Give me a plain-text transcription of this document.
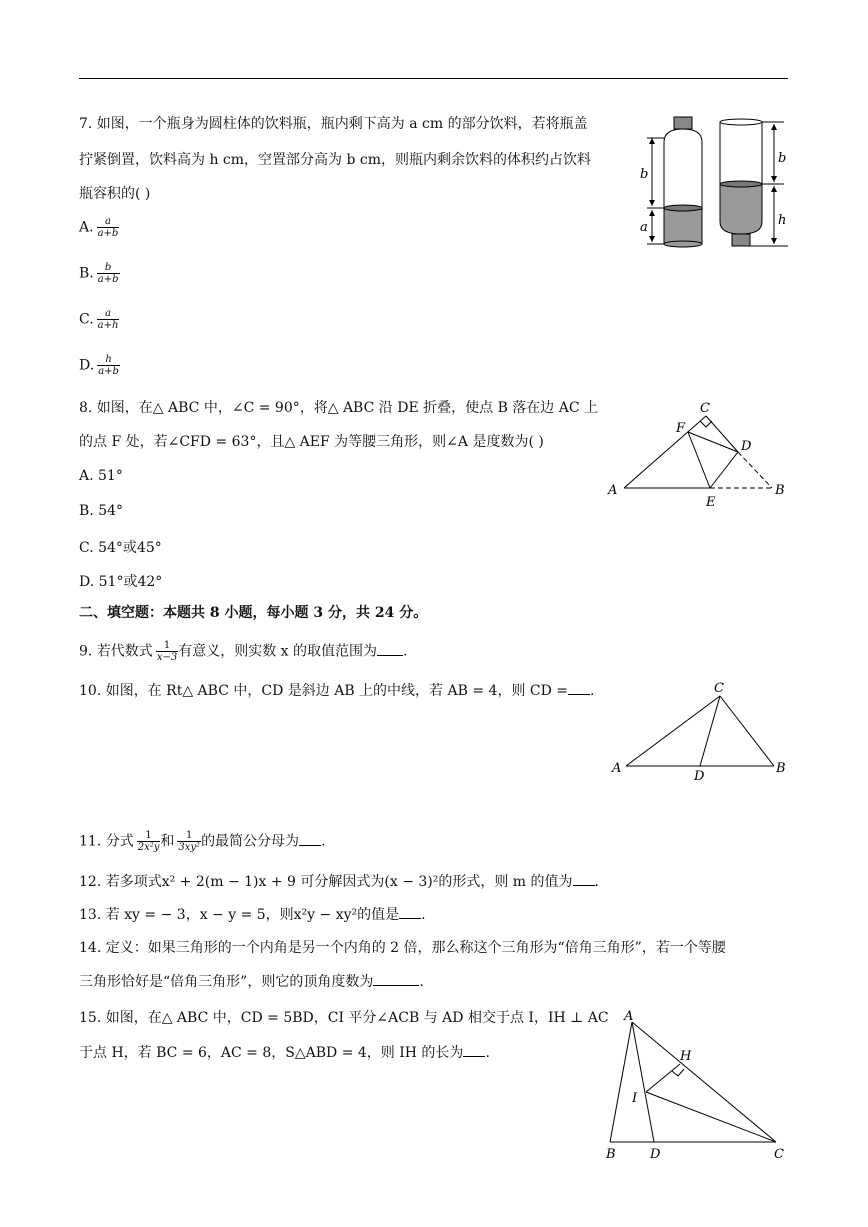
7. 如图，一个瓶身为圆柱体的饮料瓶，瓶内剩下高为 a cm 的部分饮料，若将瓶盖
拧紧倒置，饮料高为 h cm，空置部分高为 b cm，则瓶内剩余饮料的体积约占饮料
瓶容积的( )
A. $\frac{a}{a+b}$
B. $\frac{b}{a+b}$
C. $\frac{a}{a+h}$
D. $\frac{h}{a+b}$
b
a
b
h
8. 如图，在△ ABC 中，∠C = 90°，将△ ABC 沿 DE 折叠，使点 B 落在边 AC 上
的点 F 处，若∠CFD = 63°，且△ AEF 为等腰三角形，则∠A 是度数为( )
A. 51°
B. 54°
C. 54°或45°
D. 51°或42°
C
F
D
A
E
B
二、填空题：本题共 8 小题，每小题 3 分，共 24 分。
9. 若代数式 $\frac{1}{x-3}$ 有意义，则实数 x 的取值范围为 .
10. 如图，在 Rt△ ABC 中，CD 是斜边 AB 上的中线，若 AB = 4，则 CD = .	C
A
D
B
11. 分式 $\frac{1}{\text{2x²y}}$ 和 $\frac{1}{\text{3xy²}}$ 的最简公分母为 .
12. 若多项式x² + 2(m − 1)x + 9 可分解因式为(x − 3)²的形式，则 m 的值为 .
13. 若 xy = − 3，x − y = 5，则x²y − xy²的值是 .
14. 定义：如果三角形的一个内角是另一个内角的 2 倍，那么称这个三角形为“倍角三角形”，若一个等腰
三角形恰好是“倍角三角形”，则它的顶角度数为	.
15. 如图，在△ ABC 中，CD = 5BD，CI 平分∠ACB 与 AD 相交于点 I，IH ⊥ AC
于点 H，若 BC = 6，AC = 8，S△ABD = 4，则 IH 的长为 .
A
H
I
B	D	C
